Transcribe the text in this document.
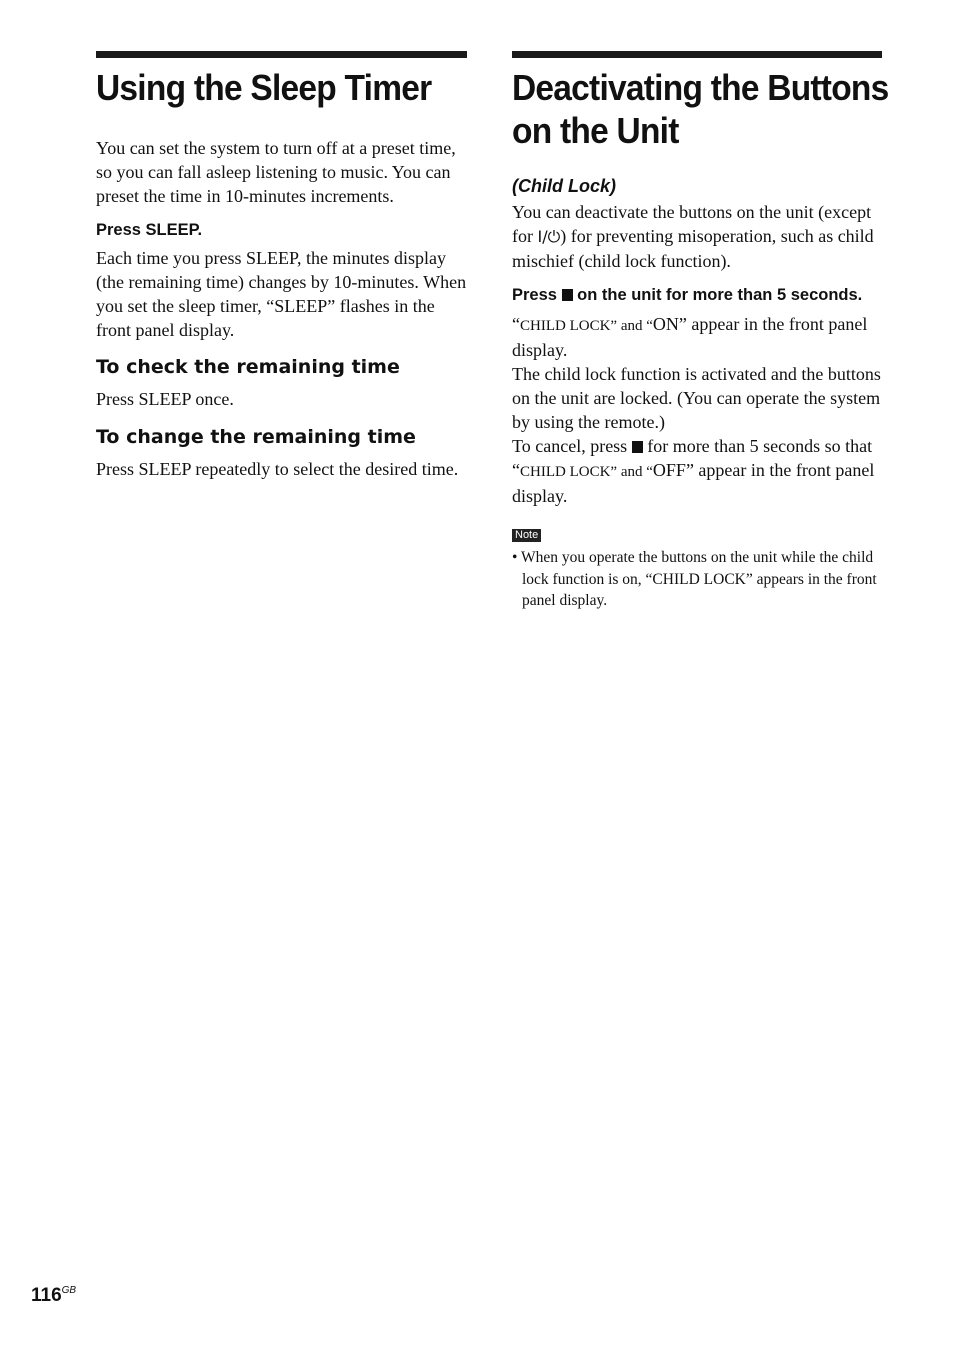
Using the Sleep Timer

You can set the system to turn off at a preset time, so you can fall asleep listening to music. You can preset the time in 10-minutes increments.

Press SLEEP.

Each time you press SLEEP, the minutes display (the remaining time) changes by 10-minutes. When you set the sleep timer, “SLEEP” flashes in the front panel display.

To check the remaining time

Press SLEEP once.

To change the remaining time

Press SLEEP repeatedly to select the desired time.

Deactivating the Buttons
on the Unit

(Child Lock)

You can deactivate the buttons on the unit (except for I/⏻) for preventing misoperation, such as child mischief (child lock function).

Press  on the unit for more than 5 seconds.

“CHILD LOCK” and “ON” appear in the front panel display.

The child lock function is activated and the buttons on the unit are locked. (You can operate the system by using the remote.)

To cancel, press  for more than 5 seconds so that “CHILD LOCK” and “OFF” appear in the front panel display.

Note

• When you operate the buttons on the unit while the child lock function is on, “CHILD LOCK” appears in the front panel display.

$116^{GB}$
